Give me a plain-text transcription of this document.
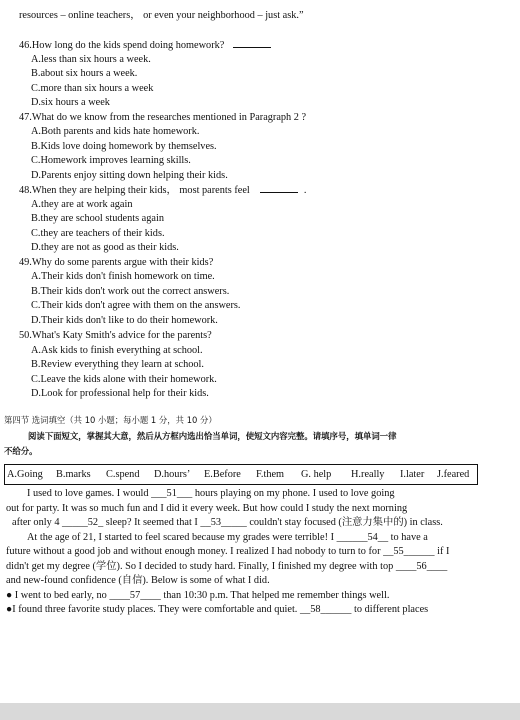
resources – online teachers， or even your neighborhood – just ask.”
46.How long do the kids spend doing homework?
A.less than six hours a week.
B.about six hours a week.
C.more than six hours a week
D.six hours a week
47.What do we know from the researches mentioned in Paragraph 2 ?
A.Both parents and kids hate homework.
B.Kids love doing homework by themselves.
C.Homework improves learning skills.
D.Parents enjoy sitting down helping their kids.
48.When they are helping their kids， most parents feel	.
A.they are at work again
B.they are school students again
C.they are teachers of their kids.
D.they are not as good as their kids.
49.Why do some parents argue with their kids?
A.Their kids don't finish homework on time.
B.Their kids don't work out the correct answers.
C.Their kids don't agree with them on the answers.
D.Their kids don't like to do their homework.
50.What's Katy Smith's advice for the parents?
A.Ask kids to finish everything at school.
B.Review everything they learn at school.
C.Leave the kids alone with their homework.
D.Look for professional help for their kids.
第四节 选词填空（共 10 小题；每小题 1 分，共 10 分）
阅读下面短文，掌握其大意，然后从方框内选出恰当单词，使短文内容完整。请填序号，填单词一律
不给分。
A.Going B.marks C.spend D.hours’ E.Before F.them G. help H.really I.later J.feared
I used to love games. I would ___51___ hours playing on my phone. I used to love going
out for party. It was so much fun and I did it every week. But how could I study the next morning
after only 4 _____52_ sleep? It seemed that I __53_____ couldn't stay focused (注意力集中的) in class.
At the age of 21, I started to feel scared because my grades were terrible! I ______54__ to have a
future without a good job and without enough money. I realized I had nobody to turn to for __55______ if I
didn't get my degree (学位). So I decided to study hard. Finally, I finished my degree with top ____56____
and new-found confidence (自信). Below is some of what I did.
● I went to bed early, no ____57____ than 10:30 p.m. That helped me remember things well.
●I found three favorite study places. They were comfortable and quiet. __58______ to different places
